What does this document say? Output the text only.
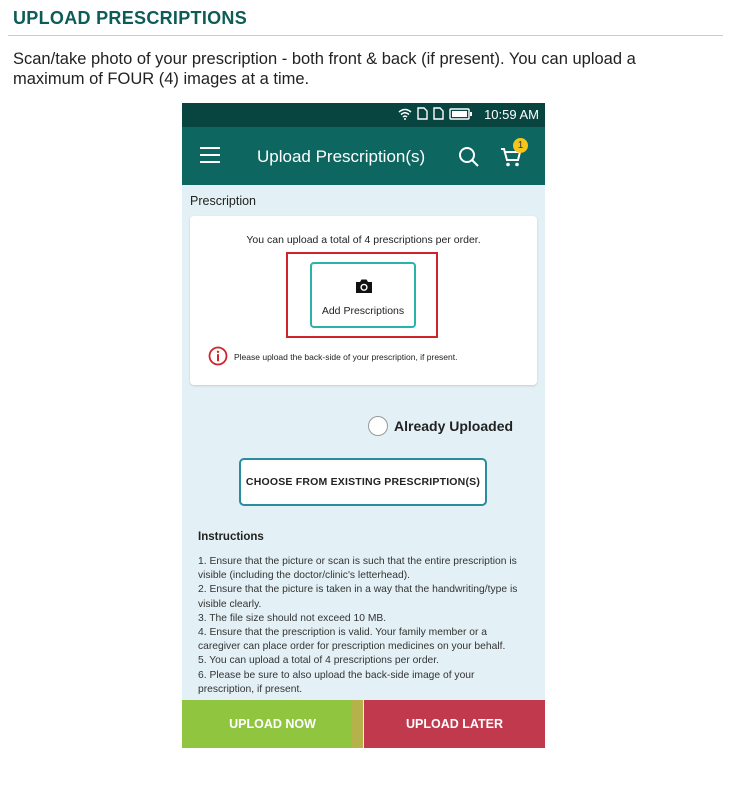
UPLOAD PRESCRIPTIONS
Scan/take photo of your prescription - both front & back (if present). You can upload a
maximum of FOUR (4) images at a time.
10:59 AM
Upload Prescription(s)
1
Prescription
You can upload a total of 4 prescriptions per order.
Add Prescriptions
Please upload the back-side of your prescription, if present.
Already Uploaded
CHOOSE FROM EXISTING PRESCRIPTION(S)
Instructions
1. Ensure that the picture or scan is such that the entire prescription is
visible (including the doctor/clinic's letterhead).
2. Ensure that the picture is taken in a way that the handwriting/type is
visible clearly.
3. The file size should not exceed 10 MB.
4. Ensure that the prescription is valid. Your family member or a
caregiver can place order for prescription medicines on your behalf.
5. You can upload a total of 4 prescriptions per order.
6. Please be sure to also upload the back-side image of your
prescription, if present.
UPLOAD NOW	UPLOAD LATER
